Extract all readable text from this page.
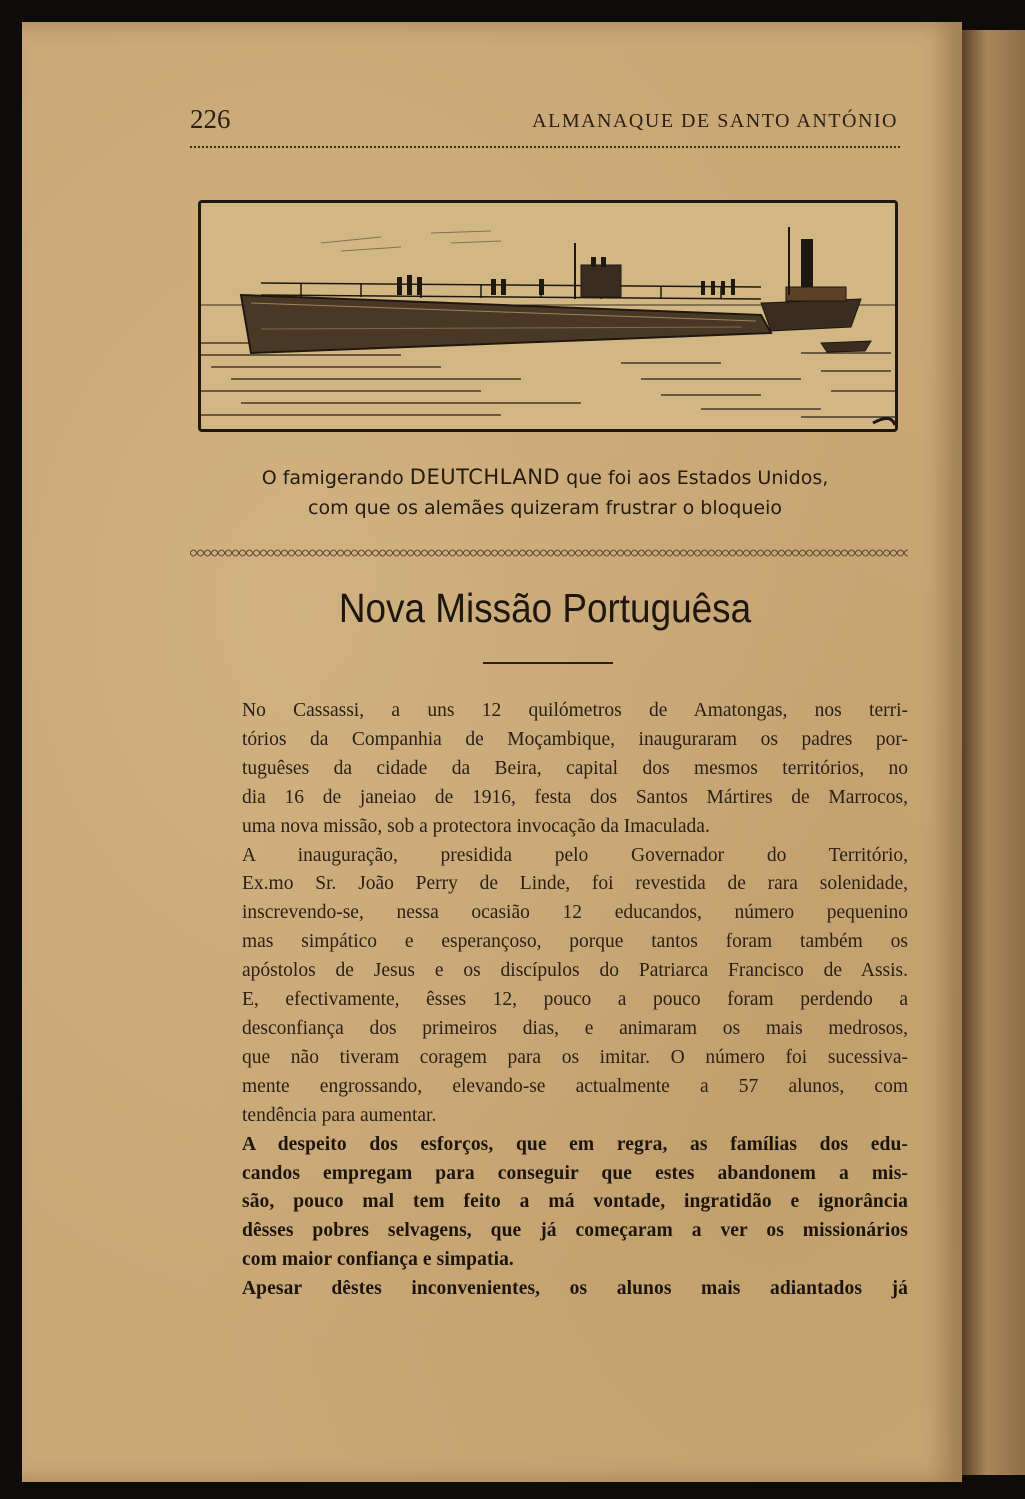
226	ALMANAQUE DE SANTO ANTÓNIO
O famigerando DEUTCHLAND que foi aos Estados Unidos,
com que os alemães quizeram frustrar o bloqueio
Nova Missão Portuguêsa

No Cassassi, a uns 12 quilómetros de Amatongas, nos terri-
tórios da Companhia de Moçambique, inauguraram os padres por-
tuguêses da cidade da Beira, capital dos mesmos territórios, no
dia 16 de janeiao de 1916, festa dos Santos Mártires de Marrocos,
uma nova missão, sob a protectora invocação da Imaculada.

A inauguração, presidida pelo Governador do Território,
Ex.mo Sr. João Perry de Linde, foi revestida de rara solenidade,
inscrevendo-se, nessa ocasião 12 educandos, número pequenino
mas simpático e esperançoso, porque tantos foram também os
apóstolos de Jesus e os discípulos do Patriarca Francisco de Assis.

E, efectivamente, êsses 12, pouco a pouco foram perdendo a
desconfiança dos primeiros dias, e animaram os mais medrosos,
que não tiveram coragem para os imitar. O número foi sucessiva-
mente engrossando, elevando-se actualmente a 57 alunos, com
tendência para aumentar.

A despeito dos esforços, que em regra, as famílias dos edu-
candos empregam para conseguir que estes abandonem a mis-
são, pouco mal tem feito a má vontade, ingratidão e ignorância
dêsses pobres selvagens, que já começaram a ver os missionários
com maior confiança e simpatia.

Apesar dêstes inconvenientes, os alunos mais adiantados já
